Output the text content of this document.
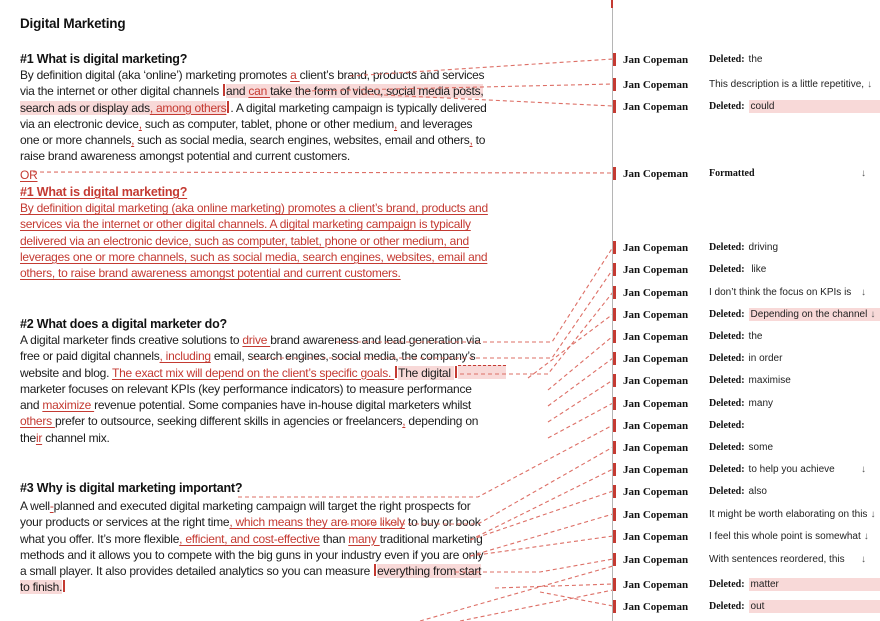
Digital Marketing
#1 What is digital marketing?
By definition digital (aka ‘online’) marketing promotes a client’s brand, products and services
via the internet or other digital channels and can take the form of video, social media posts,
search ads or display ads, among others . A digital marketing campaign is typically delivered
via an electronic device, such as computer, tablet, phone or other medium, and leverages
one or more channels, such as social media, search engines, websites, email and others, to
raise brand awareness amongst potential and current customers.
OR
#1 What is digital marketing?
By definition digital marketing (aka online marketing) promotes a client’s brand, products and
services via the internet or other digital channels. A digital marketing campaign is typically
delivered via an electronic device, such as computer, tablet, phone or other medium, and
leverages one or more channels, such as social media, search engines, websites, email and
others, to raise brand awareness amongst potential and current customers.
#2 What does a digital marketer do?
A digital marketer finds creative solutions to drive brand awareness and lead generation via
free or paid digital channels, including email, search engines, social media, the company’s
website and blog. The exact mix will depend on the client’s specific goals. The digital
marketer focuses on relevant KPIs (key performance indicators) to measure performance
and maximize revenue potential. Some companies have in-house digital marketers whilst
others prefer to outsource, seeking different skills in agencies or freelancers, depending on
their channel mix.
#3 Why is digital marketing important?
A well-planned and executed digital marketing campaign will target the right prospects for
your products or services at the right time, which means they are more likely to buy or book
what you offer. It’s more flexible, efficient, and cost-effective than many traditional marketing
methods and it allows you to compete with the big guns in your industry even if you are only
a small player. It also provides detailed analytics so you can measure everything from start
to finish.
Jan Copeman	Deleted: the
Jan Copeman	This description is a little repetitive, ↓
Jan Copeman	Deleted: could
Jan Copeman	Formatted	↓
Jan Copeman	Deleted: driving
Jan Copeman	Deleted: like
Jan Copeman	I don’t think the focus on KPIs is ↓
Jan Copeman	Deleted: Depending on the channel ↓
Jan Copeman	Deleted: the
Jan Copeman	Deleted: in order
Jan Copeman	Deleted: maximise
Jan Copeman	Deleted: many
Jan Copeman	Deleted:
Jan Copeman	Deleted: some
Jan Copeman	Deleted: to help you achieve	↓
Jan Copeman	Deleted: also
Jan Copeman	It might be worth elaborating on this ↓
Jan Copeman	I feel this whole point is somewhat ↓
Jan Copeman	With sentences reordered, this ↓
Jan Copeman	Deleted: matter
Jan Copeman	Deleted: out
